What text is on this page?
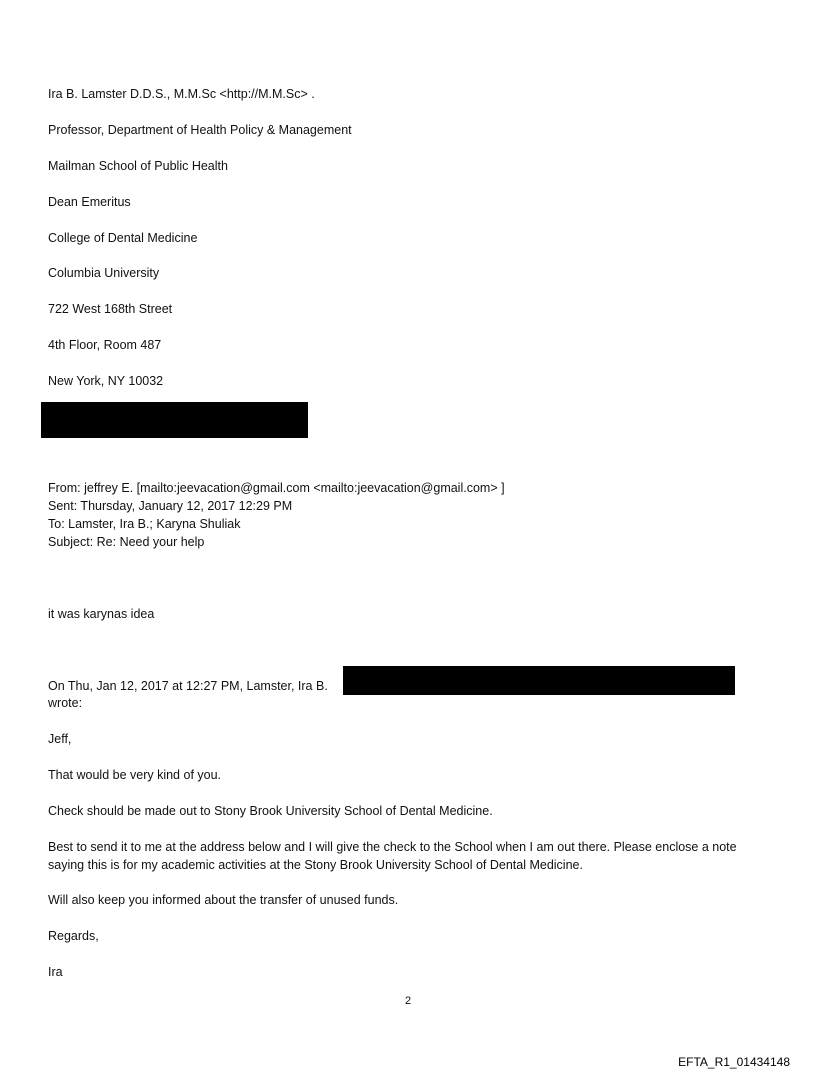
Ira B. Lamster D.D.S., M.M.Sc <http://M.M.Sc> .
Professor, Department of Health Policy & Management
Mailman School of Public Health
Dean Emeritus
College of Dental Medicine
Columbia University
722 West 168th Street
4th Floor, Room 487
New York, NY 10032
From: jeffrey E. [mailto:jeevacation@gmail.com <mailto:jeevacation@gmail.com> ]
Sent: Thursday, January 12, 2017 12:29 PM
To: Lamster, Ira B.; Karyna Shuliak
Subject: Re: Need your help
it was karynas idea
On Thu, Jan 12, 2017 at 12:27 PM, Lamster, Ira B.
wrote:
Jeff,
That would be very kind of you.
Check should be made out to Stony Brook University School of Dental Medicine.
Best to send it to me at the address below and I will give the check to the School when I am out there. Please enclose a note saying this is for my academic activities at the Stony Brook University School of Dental Medicine.
Will also keep you informed about the transfer of unused funds.
Regards,
Ira
2
EFTA_R1_01434148
